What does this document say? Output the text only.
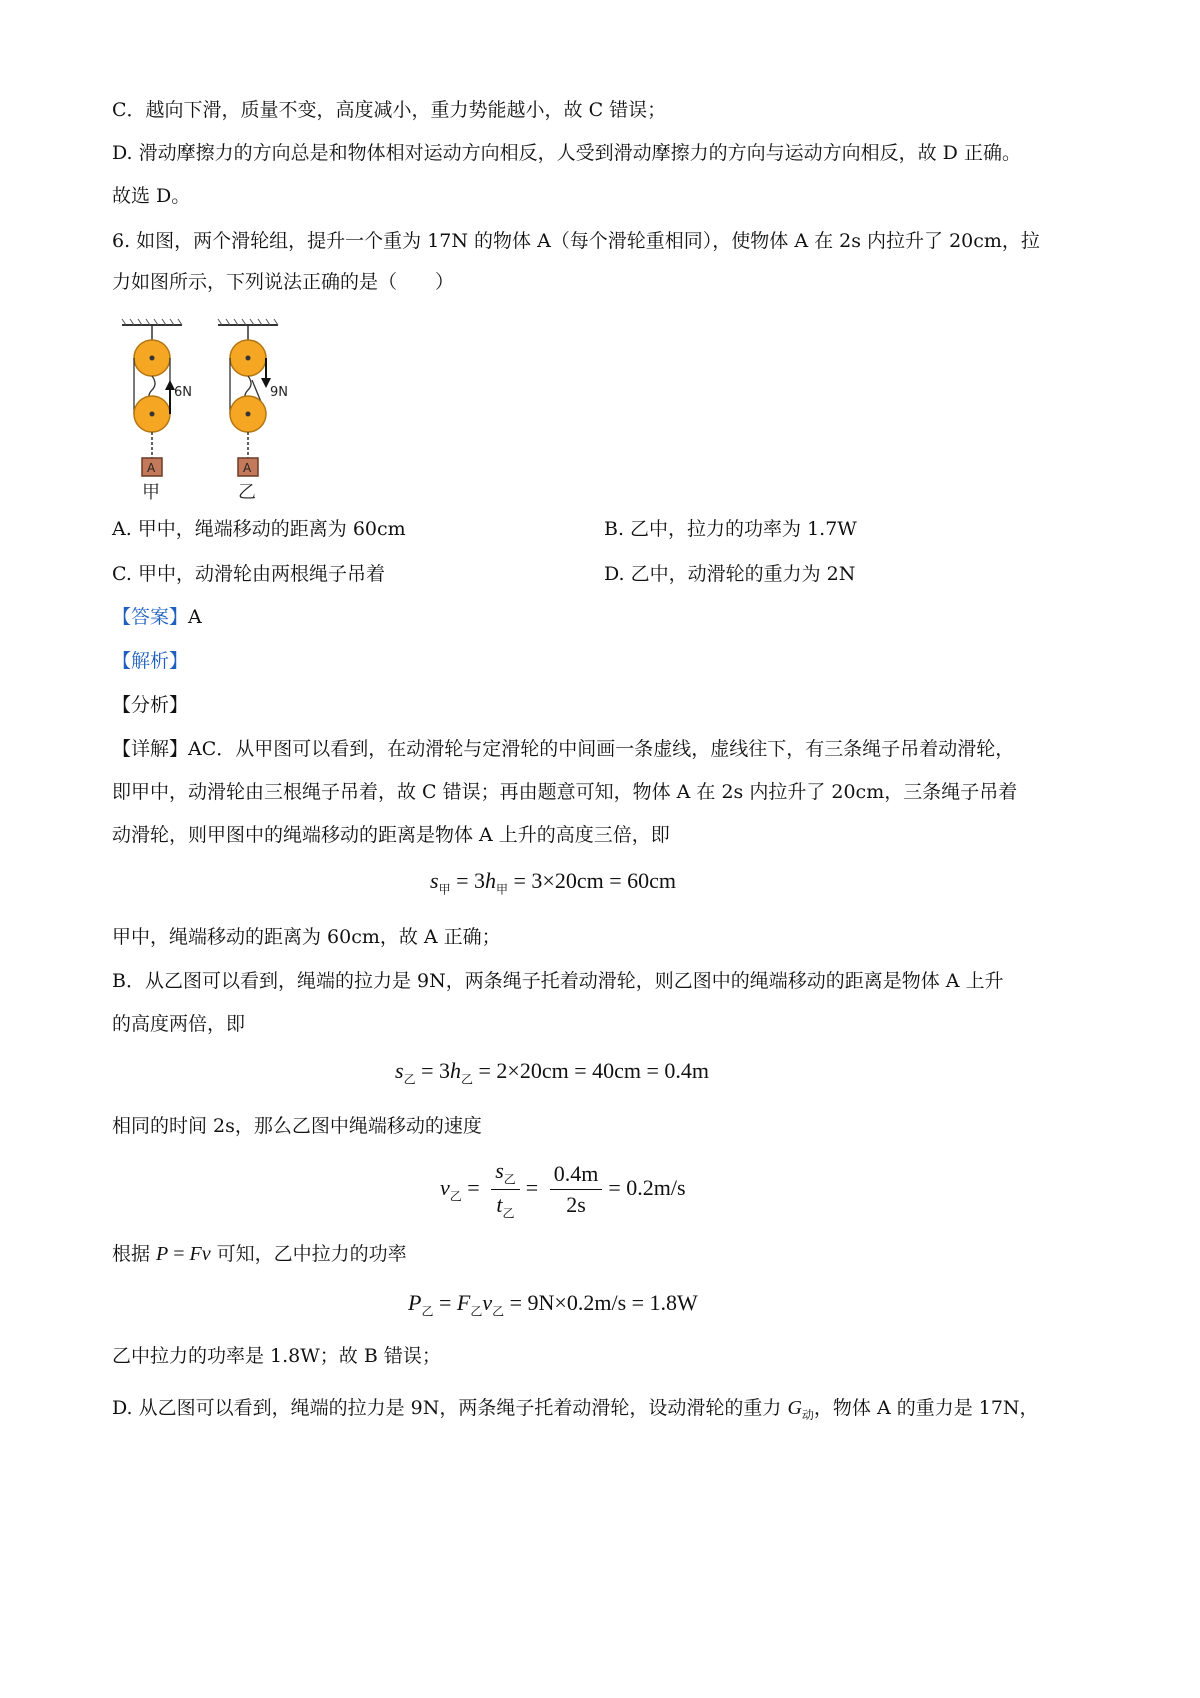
C．越向下滑，质量不变，高度减小，重力势能越小，故 C 错误；
D. 滑动摩擦力的方向总是和物体相对运动方向相反，人受到滑动摩擦力的方向与运动方向相反，故 D 正确。
故选 D。
6. 如图，两个滑轮组，提升一个重为 17N 的物体 A（每个滑轮重相同），使物体 A 在 2s 内拉升了 20cm，拉
力如图所示，下列说法正确的是（　　）
6N
A
甲
9N
A
乙
A. 甲中，绳端移动的距离为 60cm	B. 乙中，拉力的功率为 1.7W
C. 甲中，动滑轮由两根绳子吊着	D. 乙中，动滑轮的重力为 2N
【答案】A
【解析】
【分析】
【详解】AC．从甲图可以看到，在动滑轮与定滑轮的中间画一条虚线，虚线往下，有三条绳子吊着动滑轮，
即甲中，动滑轮由三根绳子吊着，故 C 错误；再由题意可知，物体 A 在 2s 内拉升了 20cm，三条绳子吊着
动滑轮，则甲图中的绳端移动的距离是物体 A 上升的高度三倍，即
$s_甲 = 3h_甲 = 3\times 20cm = 60cm$
甲中，绳端移动的距离为 60cm，故 A 正确；
B．从乙图可以看到，绳端的拉力是 9N，两条绳子托着动滑轮，则乙图中的绳端移动的距离是物体 A 上升
的高度两倍，即
$s_乙 = 3h_乙 = 2\times 20cm = 40cm = 0.4m$
相同的时间 2s，那么乙图中绳端移动的速度
$v_乙 = \frac{s_乙}{t_乙} = \frac{0.4m}{2s} = 0.2m/s$
根据 P = Fv 可知，乙中拉力的功率
$P_乙 = F_乙v_乙 = 9N\times 0.2m/s = 1.8W$
乙中拉力的功率是 1.8W；故 B 错误；
D. 从乙图可以看到，绳端的拉力是 9N，两条绳子托着动滑轮，设动滑轮的重力 $G_动$，物体 A 的重力是 17N，
